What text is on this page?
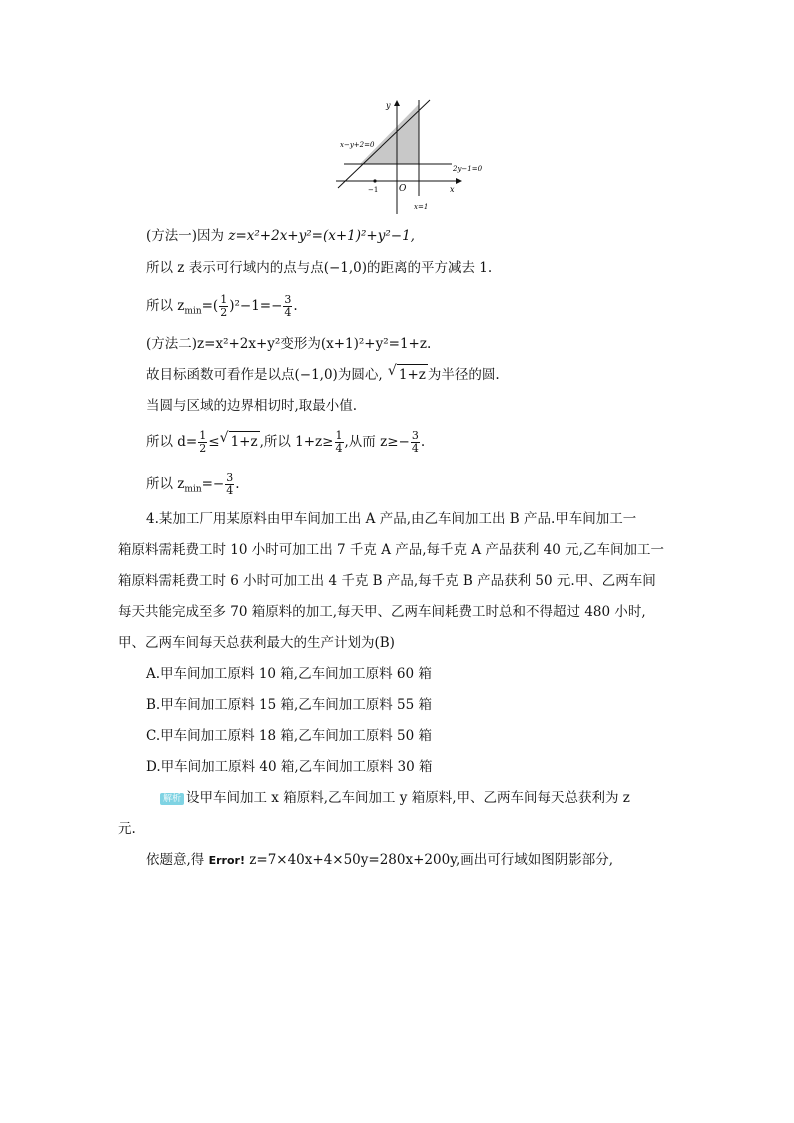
y
x
x−y+2=0
2y−1=0
x=1
−1 O
(方法一)因为 z=x²+2x+y²=(x+1)²+y²−1,
所以 z 表示可行域内的点与点(−1,0)的距离的平方减去 1.
所以 $z_{min}=( \frac{1}{2} )^2-1=- \frac{3}{4}$ .
(方法二)z=x²+2x+y²变形为(x+1)²+y²=1+z.
故目标函数可看作是以点(−1,0)为圆心, √ 1+z 为半径的圆.
当圆与区域的边界相切时,取最小值.
所以 $d= \frac{1}{2}$ ≤ √ 1+z ,所以 $1+z\ge \frac{1}{4}$ ,从而 $z\ge- \frac{3}{4}$ .
所以 $z_{min}=- \frac{3}{4}$ .
4.某加工厂用某原料由甲车间加工出 A 产品,由乙车间加工出 B 产品.甲车间加工一
箱原料需耗费工时 10 小时可加工出 7 千克 A 产品,每千克 A 产品获利 40 元,乙车间加工一
箱原料需耗费工时 6 小时可加工出 4 千克 B 产品,每千克 B 产品获利 50 元.甲、乙两车间
每天共能完成至多 70 箱原料的加工,每天甲、乙两车间耗费工时总和不得超过 480 小时,
甲、乙两车间每天总获利最大的生产计划为(B)
A.甲车间加工原料 10 箱,乙车间加工原料 60 箱
B.甲车间加工原料 15 箱,乙车间加工原料 55 箱
C.甲车间加工原料 18 箱,乙车间加工原料 50 箱
D.甲车间加工原料 40 箱,乙车间加工原料 30 箱
解析 设甲车间加工 x 箱原料,乙车间加工 y 箱原料,甲、乙两车间每天总获利为 z
元.
依题意,得 Error! z=7×40x+4×50y=280x+200y,画出可行域如图阴影部分,
